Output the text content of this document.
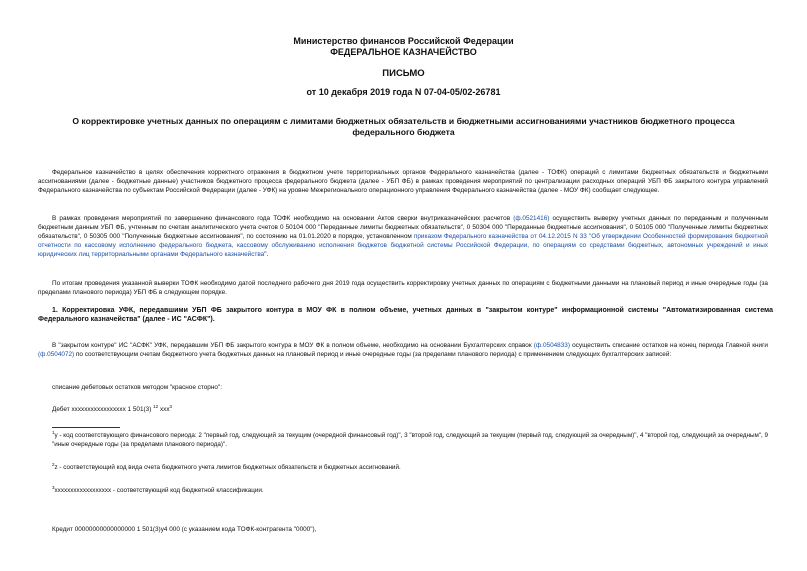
Министерство финансов Российской Федерации
ФЕДЕРАЛЬНОЕ КАЗНАЧЕЙСТВО
ПИСЬМО
от 10 декабря 2019 года N 07-04-05/02-26781
О корректировке учетных данных по операциям с лимитами бюджетных обязательств и бюджетными ассигнованиями участников бюджетного процесса федерального бюджета
Федеральное казначейство в целях обеспечения корректного отражения в бюджетном учете территориальных органов Федерального казначейства (далее - ТОФК) операций с лимитами бюджетных обязательств и бюджетными ассигнованиями (далее - бюджетные данные) участников бюджетного процесса федерального бюджета (далее - УБП ФБ) в рамках проведения мероприятий по централизации расходных операций УБП ФБ закрытого контура управлений Федерального казначейства по субъектам Российской Федерации (далее - УФК) на уровне Межрегионального операционного управления Федерального казначейства (далее - МОУ ФК) сообщает следующее.
В рамках проведения мероприятий по завершению финансового года ТОФК необходимо на основании Актов сверки внутриказначейских расчетов (ф.0521416) осуществить выверку учетных данных по переданным и полученным бюджетным данным УБП ФБ, учтенным по счетам аналитического учета счетов 0 50104 000 "Переданные лимиты бюджетных обязательств", 0 50304 000 "Переданные бюджетные ассигнования", 0 50105 000 "Полученные лимиты бюджетных обязательств", 0 50305 000 "Полученные бюджетные ассигнования", по состоянию на 01.01.2020 в порядке, установленном приказом Федерального казначейства от 04.12.2015 N 33 "Об утверждении Особенностей формирования бюджетной отчетности по кассовому исполнению федерального бюджета, кассовому обслуживанию исполнения бюджетов бюджетной системы Российской Федерации, по операциям со средствами бюджетных, автономных учреждений и иных юридических лиц территориальными органами Федерального казначейства".
По итогам проведения указанной выверки ТОФК необходимо датой последнего рабочего дня 2019 года осуществить корректировку учетных данных по операциям с бюджетными данными на плановый период и иные очередные годы (за пределами планового периода) УБП ФБ в следующем порядке.
1. Корректировка УФК, передавшими УБП ФБ закрытого контура в МОУ ФК в полном объеме, учетных данных в "закрытом контуре" информационной системы "Автоматизированная система Федерального казначейства" (далее - ИС "АСФК").
В "закрытом контуре" ИС "АСФК" УФК, передавшим УБП ФБ закрытого контура в МОУ ФК в полном объеме, необходимо на основании Бухгалтерских справок (ф.0504833) осуществить списание остатков на конец периода Главной книги (ф.0504072) по соответствующим счетам бюджетного учета бюджетных данных на плановый период и иные очередные годы (за пределами планового периода) с применением следующих бухгалтерских записей:
списание дебетовых остатков методом "красное сторно":
Дебет xxxxxxxxxxxxxxxxx 1 501(3) $^{12}$ xxx$^3$
$^1$у - код соответствующего финансового периода: 2 "первый год, следующий за текущим (очередной финансовый год)", 3 "второй год, следующий за текущим (первый год, следующий за очередным)", 4 "второй год, следующий за очередным", 9 "иные очередные годы (за пределами планового периода)".
$^2$z - соответствующий код вида счета бюджетного учета лимитов бюджетных обязательств и бюджетных ассигнований.
$^3$xxxxxxxxxxxxxxxxxx - соответствующий код бюджетной классификации.
Кредит 00000000000000000 1 501(3)у4 000 (с указанием кода ТОФК-контрагента "0000"),
